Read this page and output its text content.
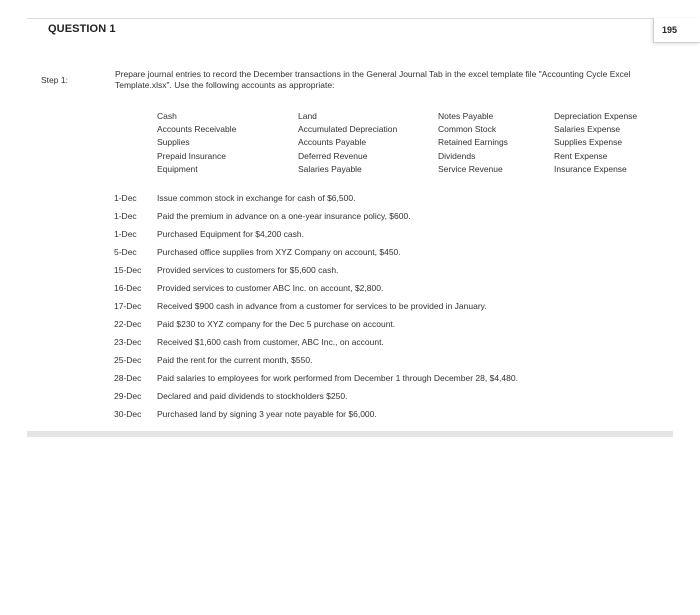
QUESTION 1	195
Step 1:
Prepare journal entries to record the December transactions in the General Journal Tab in the excel template file "Accounting Cycle Excel Template.xlsx". Use the following accounts as appropriate:
Cash
Accounts Receivable
Supplies
Prepaid Insurance
Equipment
Land
Accumulated Depreciation
Accounts Payable
Deferred Revenue
Salaries Payable
Notes Payable
Common Stock
Retained Earnings
Dividends
Service Revenue
Depreciation Expense
Salaries Expense
Supplies Expense
Rent Expense
Insurance Expense
1-Dec Issue common stock in exchange for cash of $6,500.
1-Dec Paid the premium in advance on a one-year insurance policy, $600.
1-Dec Purchased Equipment for $4,200 cash.
5-Dec Purchased office supplies from XYZ Company on account, $450.
15-Dec Provided services to customers for $5,600 cash.
16-Dec Provided services to customer ABC Inc. on account, $2,800.
17-Dec Received $900 cash in advance from a customer for services to be provided in January.
22-Dec Paid $230 to XYZ company for the Dec 5 purchase on account.
23-Dec Received $1,600 cash from customer, ABC Inc., on account.
25-Dec Paid the rent for the current month, $550.
28-Dec Paid salaries to employees for work performed from December 1 through December 28, $4,480.
29-Dec Declared and paid dividends to stockholders $250.
30-Dec Purchased land by signing 3 year note payable for $6,000.
